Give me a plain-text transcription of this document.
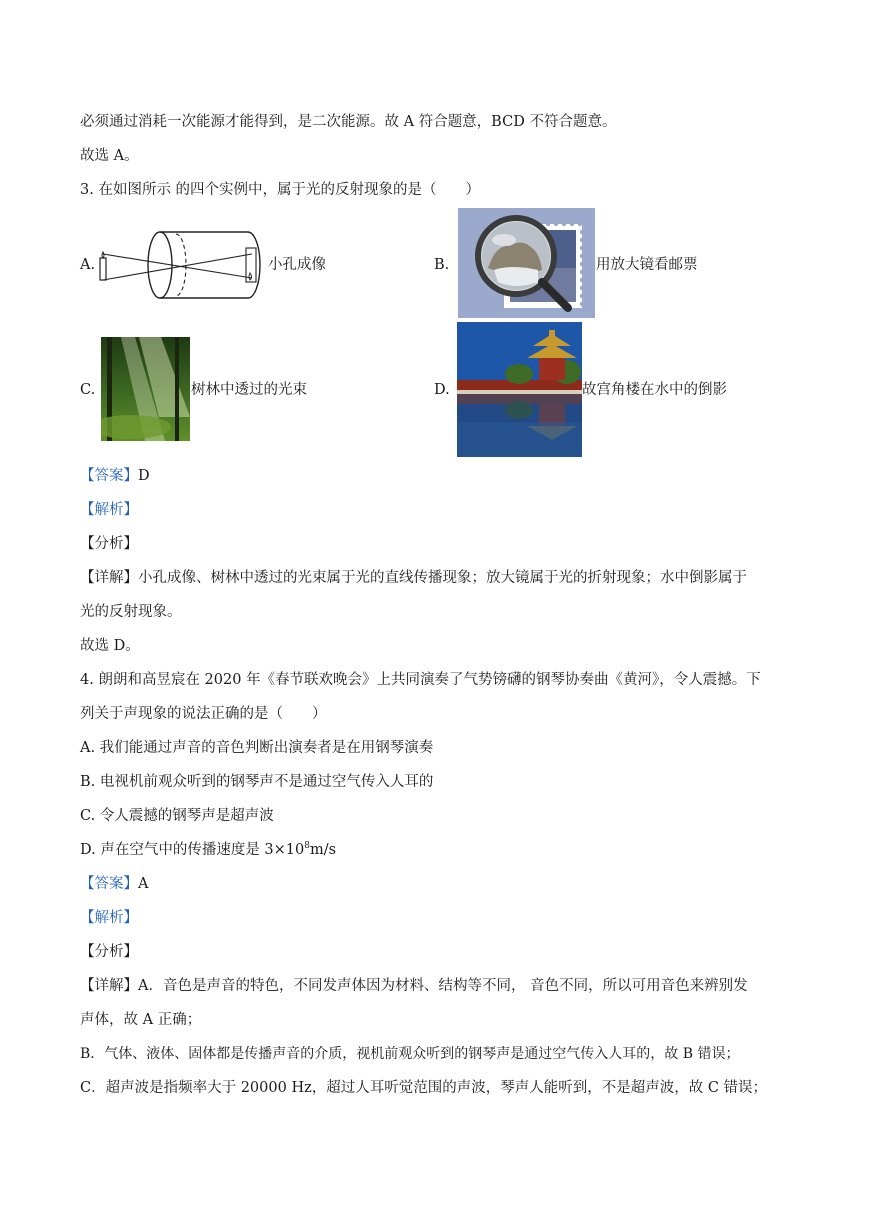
必须通过消耗一次能源才能得到，是二次能源。故 A 符合题意，BCD 不符合题意。
故选 A。
3. 在如图所示 的四个实例中，属于光的反射现象的是（　　）
A.	小孔成像	B.	用放大镜看邮票
C.	树林中透过的光束	D.	故宫角楼在水中的倒影
【答案】D
【解析】
【分析】
【详解】小孔成像、树林中透过的光束属于光的直线传播现象；放大镜属于光的折射现象；水中倒影属于
光的反射现象。
故选 D。
4. 朗朗和高昱宸在 2020 年《春节联欢晚会》上共同演奏了气势镑礴的钢琴协奏曲《黄河》，令人震撼。下
列关于声现象的说法正确的是（　　）
A. 我们能通过声音的音色判断出演奏者是在用钢琴演奏
B. 电视机前观众听到的钢琴声不是通过空气传入人耳的
C. 令人震撼的钢琴声是超声波
D. 声在空气中的传播速度是 $3\times 10^8m/s$
【答案】A
【解析】
【分析】
【详解】A．音色是声音的特色，不同发声体因为材料、结构等不同， 音色不同，所以可用音色来辨别发
声体，故 A 正确；
B．气体、液体、固体都是传播声音的介质，视机前观众听到的钢琴声是通过空气传入人耳的，故 B 错误；
C．超声波是指频率大于 20000 Hz，超过人耳听觉范围的声波，琴声人能听到，不是超声波，故 C 错误；
